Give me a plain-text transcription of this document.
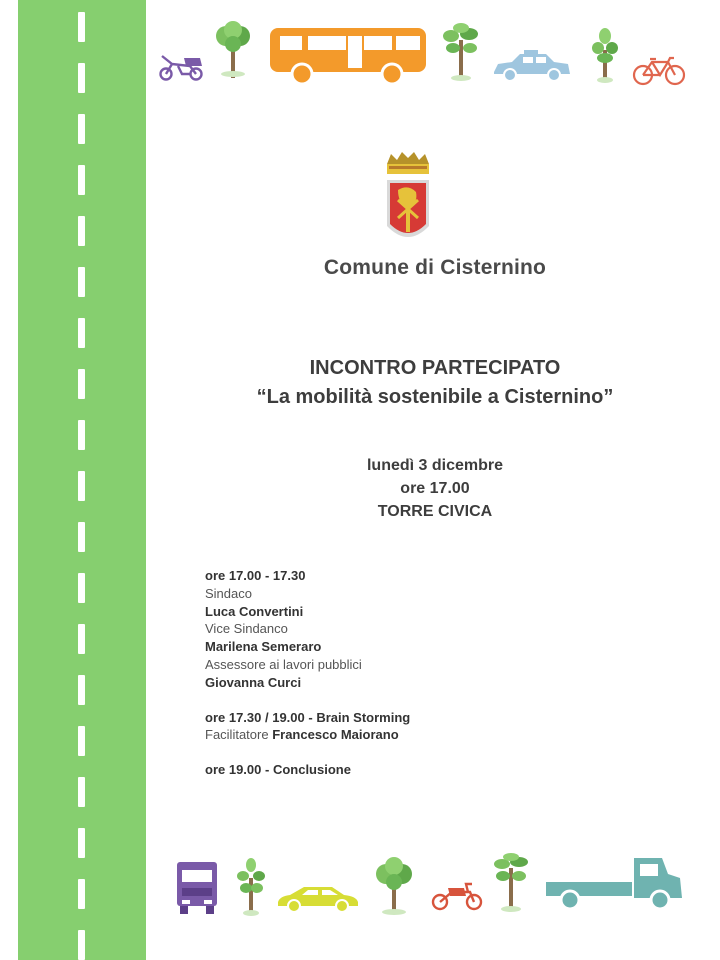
Comune di Cisternino
INCONTRO PARTECIPATO
“La mobilità sostenibile a Cisternino”
lunedì 3 dicembre
ore 17.00
TORRE CIVICA
ore 17.00 - 17.30
Sindaco
Luca Convertini
Vice Sindanco
Marilena Semeraro
Assessore ai lavori pubblici
Giovanna Curci
ore 17.30 / 19.00 - Brain Storming
Facilitatore Francesco Maiorano
ore 19.00 - Conclusione
